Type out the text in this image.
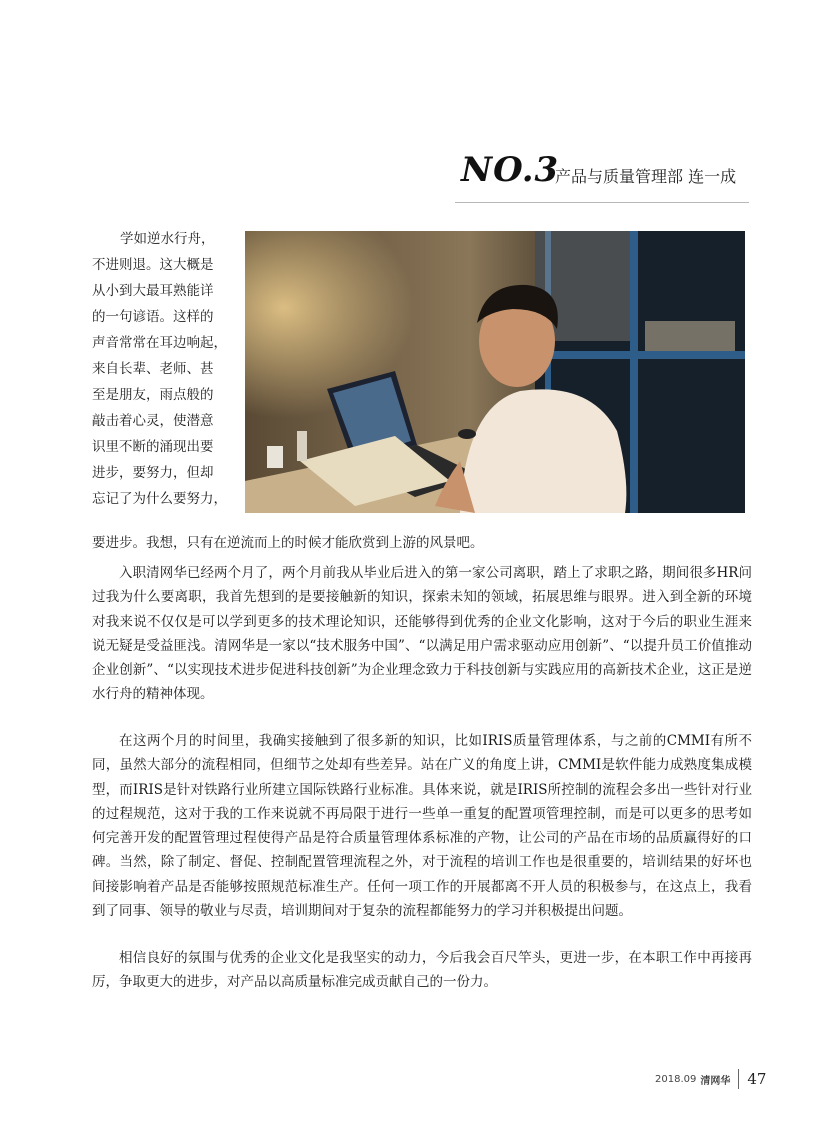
NO.3
产品与质量管理部 连一成

学如逆水行舟，

不进则退。这大概是

从小到大最耳熟能详

的一句谚语。这样的

声音常常在耳边响起，

来自长辈、老师、甚

至是朋友，雨点般的

敲击着心灵，使潜意

识里不断的涌现出要

进步，要努力，但却

忘记了为什么要努力，

要进步。我想，只有在逆流而上的时候才能欣赏到上游的风景吧。

入职清网华已经两个月了，两个月前我从毕业后进入的第一家公司离职，踏上了求职之路，期间很多HR问过我为什么要离职，我首先想到的是要接触新的知识，探索未知的领域，拓展思维与眼界。进入到全新的环境对我来说不仅仅是可以学到更多的技术理论知识，还能够得到优秀的企业文化影响，这对于今后的职业生涯来说无疑是受益匪浅。清网华是一家以“技术服务中国”、“以满足用户需求驱动应用创新”、“以提升员工价值推动企业创新”、“以实现技术进步促进科技创新”为企业理念致力于科技创新与实践应用的高新技术企业，这正是逆水行舟的精神体现。

在这两个月的时间里，我确实接触到了很多新的知识，比如IRIS质量管理体系，与之前的CMMI有所不同，虽然大部分的流程相同，但细节之处却有些差异。站在广义的角度上讲，CMMI是软件能力成熟度集成模型，而IRIS是针对铁路行业所建立国际铁路行业标准。具体来说，就是IRIS所控制的流程会多出一些针对行业的过程规范，这对于我的工作来说就不再局限于进行一些单一重复的配置项管理控制，而是可以更多的思考如何完善开发的配置管理过程使得产品是符合质量管理体系标准的产物，让公司的产品在市场的品质赢得好的口碑。当然，除了制定、督促、控制配置管理流程之外，对于流程的培训工作也是很重要的，培训结果的好坏也间接影响着产品是否能够按照规范标准生产。任何一项工作的开展都离不开人员的积极参与，在这点上，我看到了同事、领导的敬业与尽责，培训期间对于复杂的流程都能努力的学习并积极提出问题。

相信良好的氛围与优秀的企业文化是我坚实的动力，今后我会百尺竿头，更进一步，在本职工作中再接再厉，争取更大的进步，对产品以高质量标准完成贡献自己的一份力。

2018.09 清网华 47
